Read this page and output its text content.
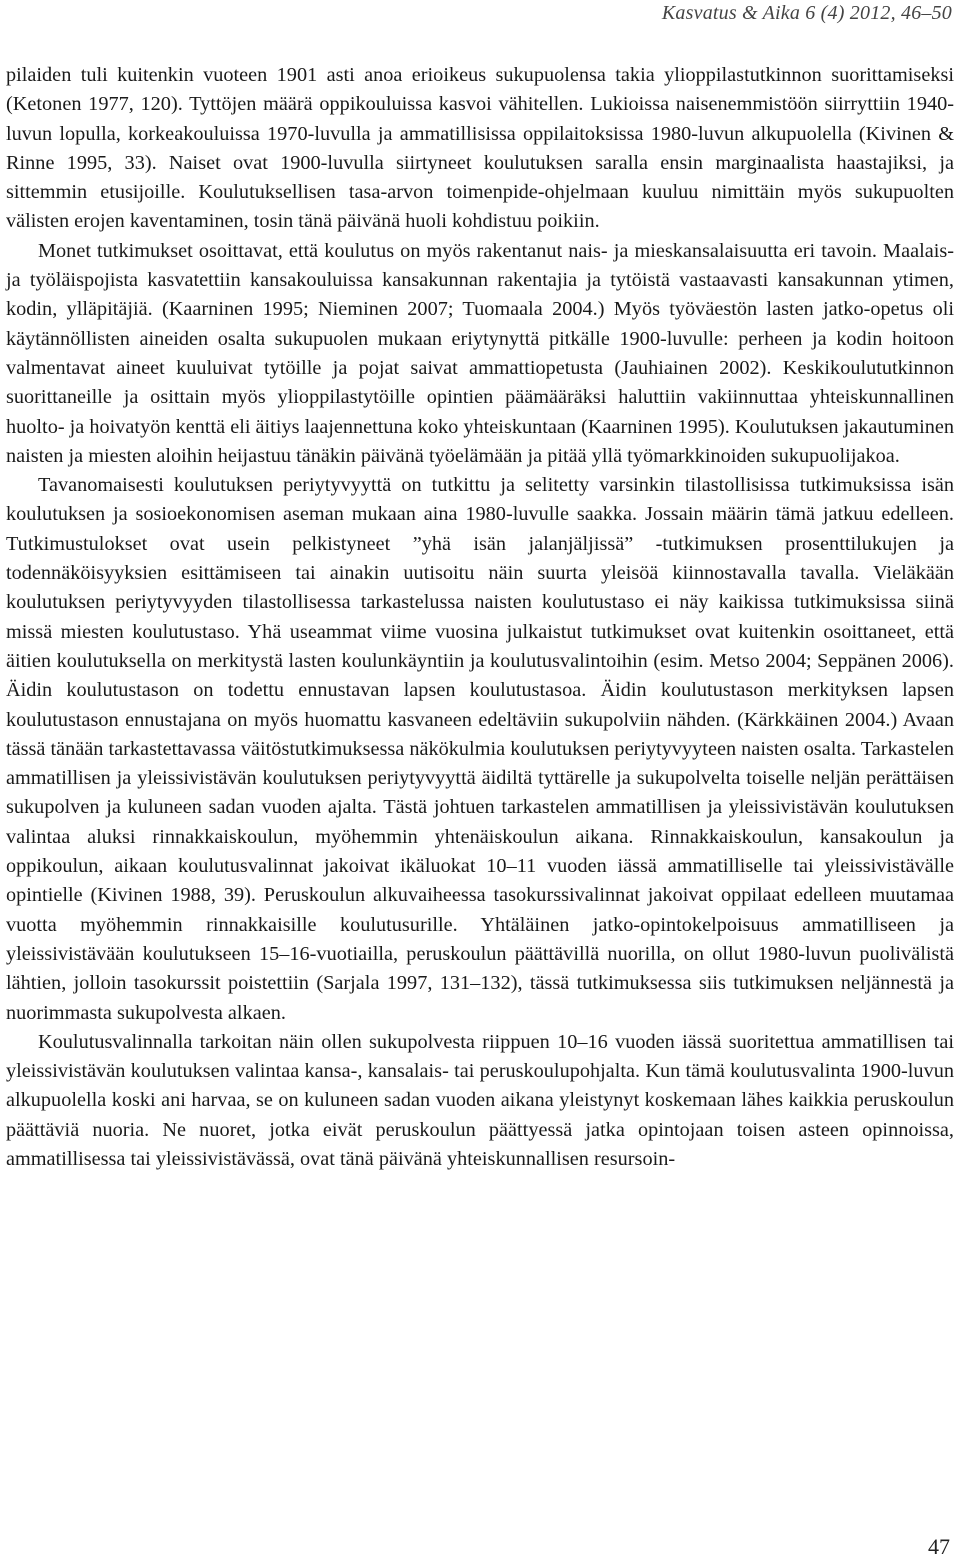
Kasvatus & Aika 6 (4) 2012, 46–50

pilaiden tuli kuitenkin vuoteen 1901 asti anoa erioikeus sukupuolensa takia ylioppilastutkinnon suorittamiseksi (Ketonen 1977, 120). Tyttöjen määrä oppikouluissa kasvoi vähitellen. Lukioissa naisenemmistöön siirryttiin 1940-luvun lopulla, korkeakouluissa 1970-luvulla ja ammatillisissa oppilaitoksissa 1980-luvun alkupuolella (Kivinen & Rinne 1995, 33). Naiset ovat 1900-luvulla siirtyneet koulutuksen saralla ensin marginaalista haastajiksi, ja sittemmin etusijoille. Koulutuksellisen tasa-arvon toimenpide-ohjelmaan kuuluu nimittäin myös sukupuolten välisten erojen kaventaminen, tosin tänä päivänä huoli kohdistuu poikiin.

Monet tutkimukset osoittavat, että koulutus on myös rakentanut nais- ja mieskansalaisuutta eri tavoin. Maalais- ja työläispojista kasvatettiin kansakouluissa kansakunnan rakentajia ja tytöistä vastaavasti kansakunnan ytimen, kodin, ylläpitäjiä. (Kaarninen 1995; Nieminen 2007; Tuomaala 2004.) Myös työväestön lasten jatko-opetus oli käytännöllisten aineiden osalta sukupuolen mukaan eriytynyttä pitkälle 1900-luvulle: perheen ja kodin hoitoon valmentavat aineet kuuluivat tytöille ja pojat saivat ammattiopetusta (Jauhiainen 2002). Keskikoulututkinnon suorittaneille ja osittain myös ylioppilastytöille opintien päämääräksi haluttiin vakiinnuttaa yhteiskunnallinen huolto- ja hoivatyön kenttä eli äitiys laajennettuna koko yhteiskuntaan (Kaarninen 1995). Koulutuksen jakautuminen naisten ja miesten aloihin heijastuu tänäkin päivänä työelämään ja pitää yllä työmarkkinoiden sukupuolijakoa.

Tavanomaisesti koulutuksen periytyvyyttä on tutkittu ja selitetty varsinkin tilastollisissa tutkimuksissa isän koulutuksen ja sosioekonomisen aseman mukaan aina 1980-luvulle saakka. Jossain määrin tämä jatkuu edelleen. Tutkimustulokset ovat usein pelkistyneet ”yhä isän jalanjäljissä” -tutkimuksen prosenttilukujen ja todennäköisyyksien esittämiseen tai ainakin uutisoitu näin suurta yleisöä kiinnostavalla tavalla. Vieläkään koulutuksen periytyvyyden tilastollisessa tarkastelussa naisten koulutustaso ei näy kaikissa tutkimuksissa siinä missä miesten koulutustaso. Yhä useammat viime vuosina julkaistut tutkimukset ovat kuitenkin osoittaneet, että äitien koulutuksella on merkitystä lasten koulunkäyntiin ja koulutusvalintoihin (esim. Metso 2004; Seppänen 2006). Äidin koulutustason on todettu ennustavan lapsen koulutustasoa. Äidin koulutustason merkityksen lapsen koulutustason ennustajana on myös huomattu kasvaneen edeltäviin sukupolviin nähden. (Kärkkäinen 2004.) Avaan tässä tänään tarkastettavassa väitöstutkimuksessa näkökulmia koulutuksen periytyvyyteen naisten osalta. Tarkastelen ammatillisen ja yleissivistävän koulutuksen periytyvyyttä äidiltä tyttärelle ja sukupolvelta toiselle neljän perättäisen sukupolven ja kuluneen sadan vuoden ajalta. Tästä johtuen tarkastelen ammatillisen ja yleissivistävän koulutuksen valintaa aluksi rinnakkaiskoulun, myöhemmin yhtenäiskoulun aikana. Rinnakkaiskoulun, kansakoulun ja oppikoulun, aikaan koulutusvalinnat jakoivat ikäluokat 10–11 vuoden iässä ammatilliselle tai yleissivistävälle opintielle (Kivinen 1988, 39). Peruskoulun alkuvaiheessa tasokurssivalinnat jakoivat oppilaat edelleen muutamaa vuotta myöhemmin rinnakkaisille koulutusurille. Yhtäläinen jatko-opintokelpoisuus ammatilliseen ja yleissivistävään koulutukseen 15–16-vuotiailla, peruskoulun päättävillä nuorilla, on ollut 1980-luvun puolivälistä lähtien, jolloin tasokurssit poistettiin (Sarjala 1997, 131–132), tässä tutkimuksessa siis tutkimuksen neljännestä ja nuorimmasta sukupolvesta alkaen.

Koulutusvalinnalla tarkoitan näin ollen sukupolvesta riippuen 10–16 vuoden iässä suoritettua ammatillisen tai yleissivistävän koulutuksen valintaa kansa-, kansalais- tai peruskoulupohjalta. Kun tämä koulutusvalinta 1900-luvun alkupuolella koski ani harvaa, se on kuluneen sadan vuoden aikana yleistynyt koskemaan lähes kaikkia peruskoulun päättäviä nuoria. Ne nuoret, jotka eivät peruskoulun päättyessä jatka opintojaan toisen asteen opinnoissa, ammatillisessa tai yleissivistävässä, ovat tänä päivänä yhteiskunnallisen resursoin-

47
